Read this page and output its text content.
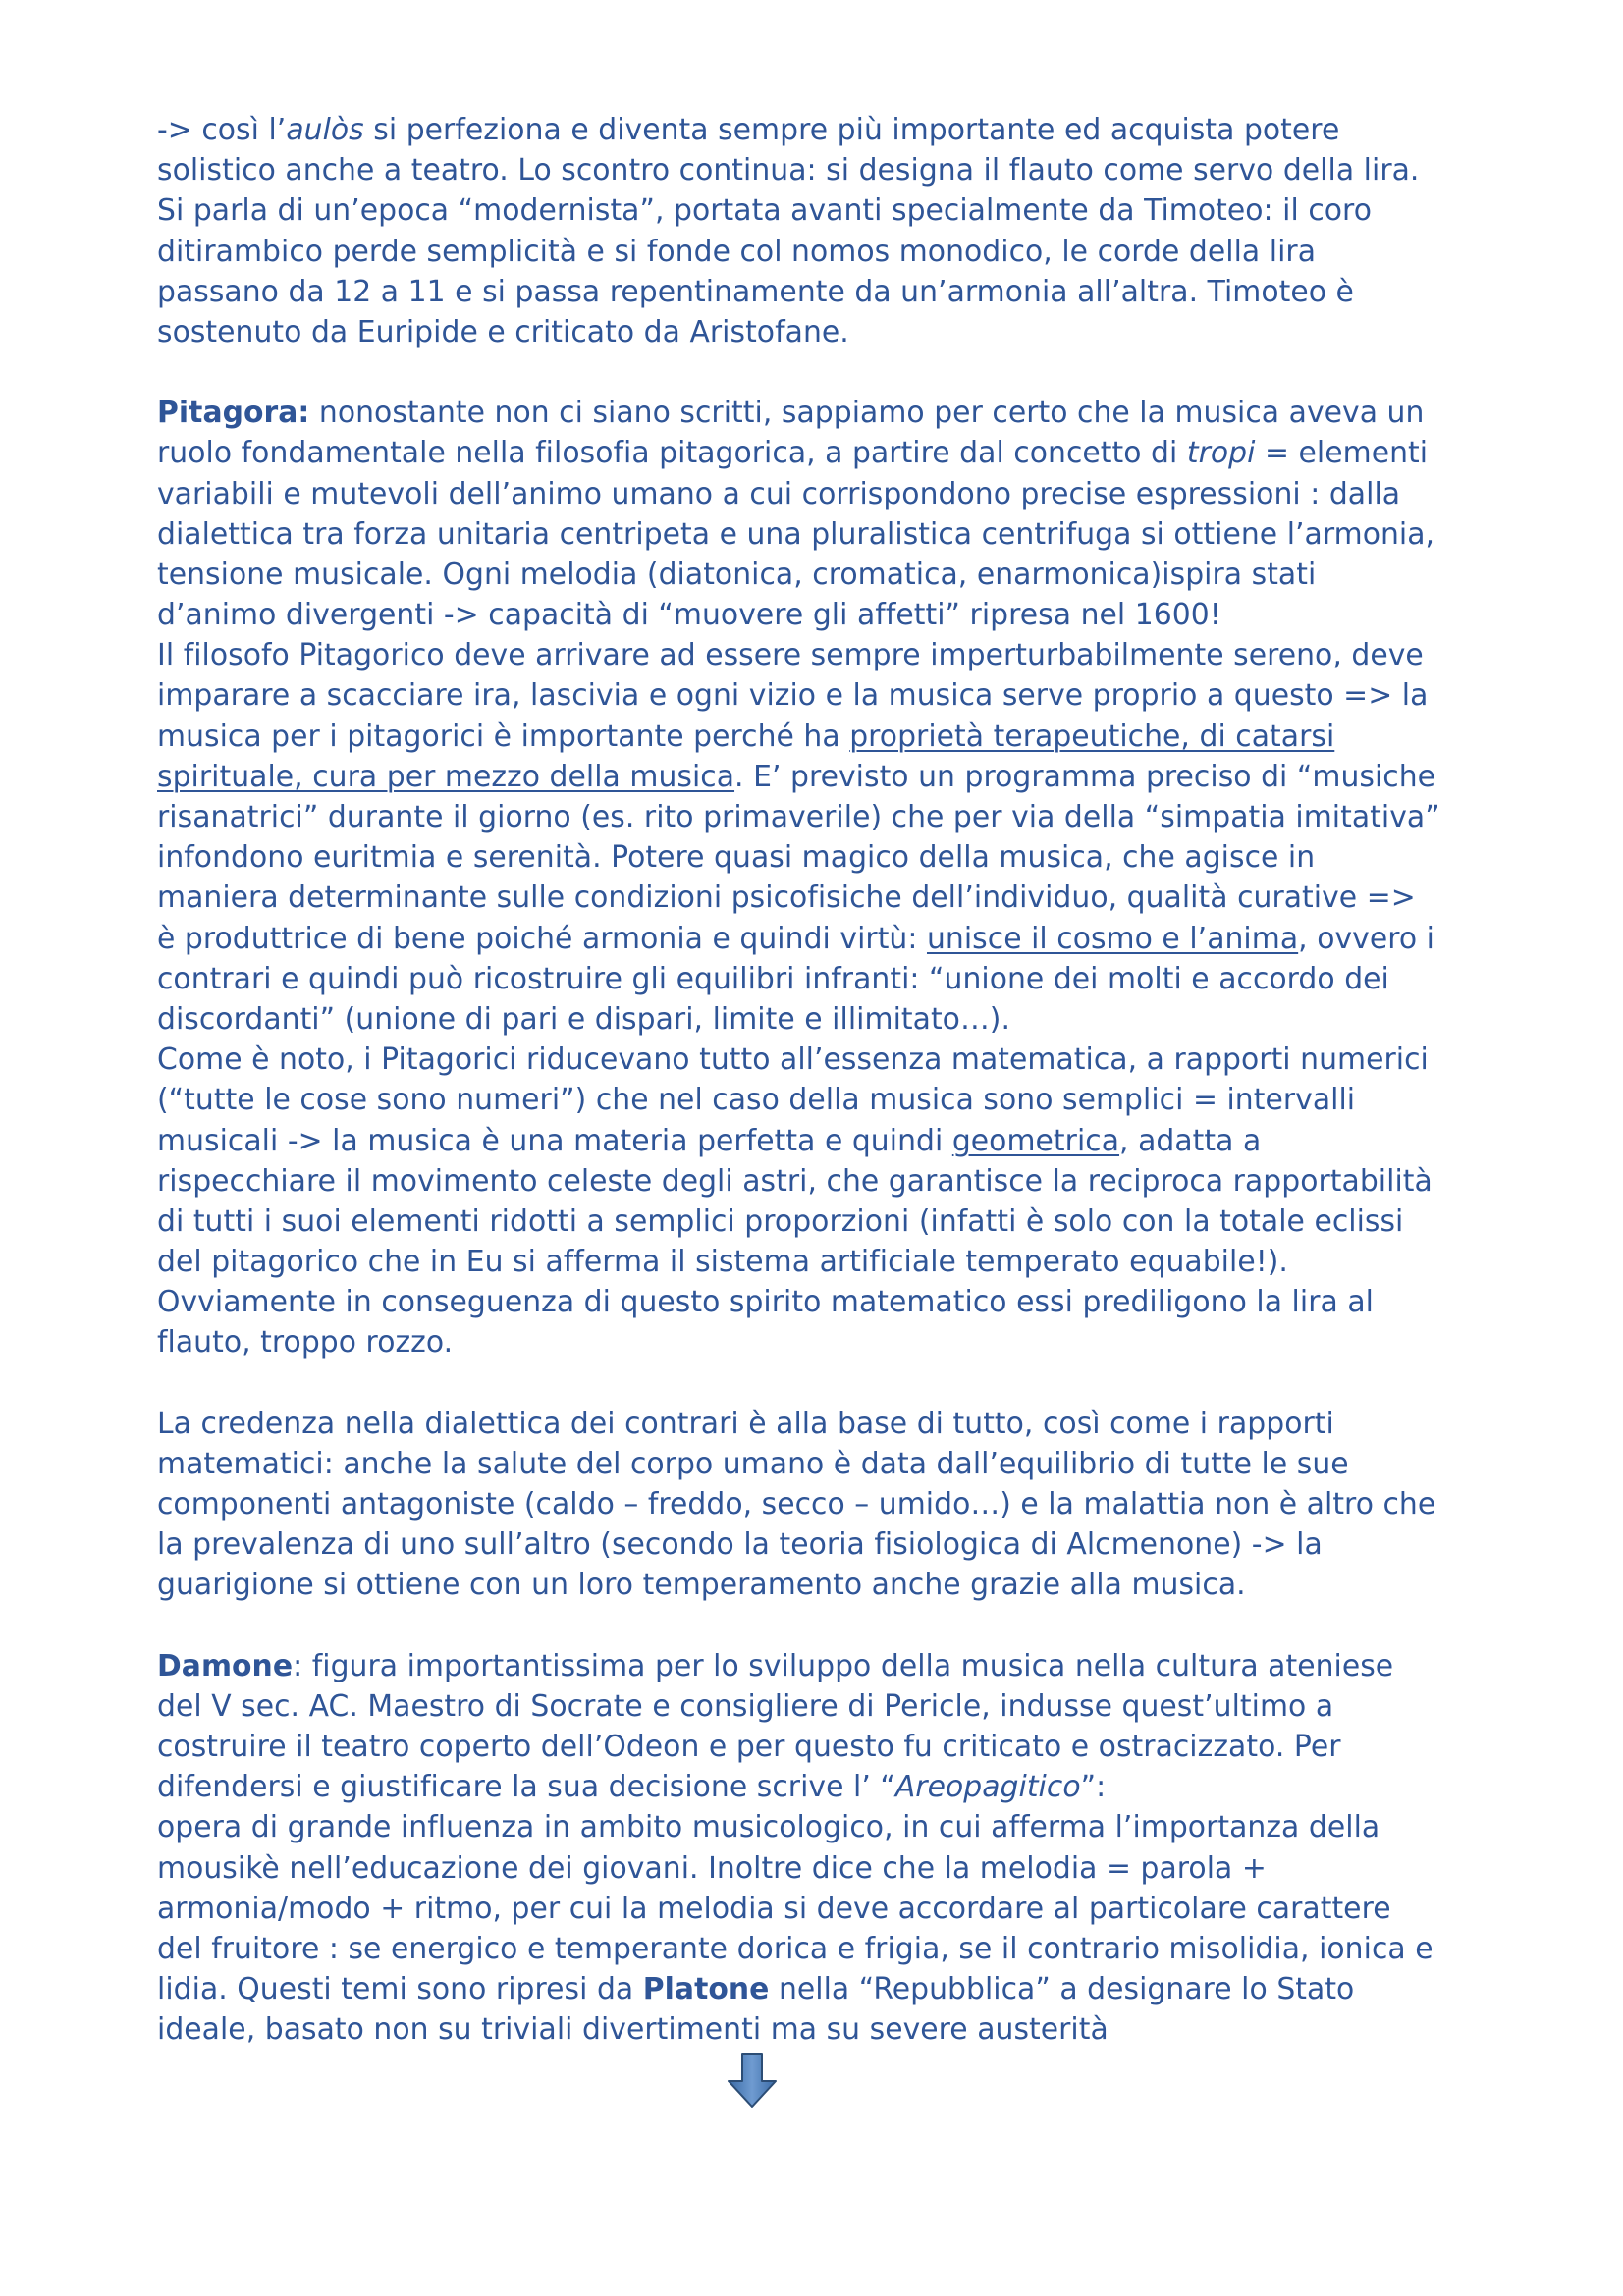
-> così l’aulòs si perfeziona e diventa sempre più importante ed acquista potere
solistico anche a teatro. Lo scontro continua: si designa il flauto come servo della lira.
Si parla di un’epoca “modernista”, portata avanti specialmente da Timoteo: il coro
ditirambico perde semplicità e si fonde col nomos monodico, le corde della lira
passano da 12 a 11 e si passa repentinamente da un’armonia all’altra. Timoteo è
sostenuto da Euripide e criticato da Aristofane.
Pitagora: nonostante non ci siano scritti, sappiamo per certo che la musica aveva un
ruolo fondamentale nella filosofia pitagorica, a partire dal concetto di tropi = elementi
variabili e mutevoli dell’animo umano a cui corrispondono precise espressioni : dalla
dialettica tra forza unitaria centripeta e una pluralistica centrifuga si ottiene l’armonia,
tensione musicale. Ogni melodia (diatonica, cromatica, enarmonica)ispira stati
d’animo divergenti -> capacità di “muovere gli affetti” ripresa nel 1600!
Il filosofo Pitagorico deve arrivare ad essere sempre imperturbabilmente sereno, deve
imparare a scacciare ira, lascivia e ogni vizio e la musica serve proprio a questo => la
musica per i pitagorici è importante perché ha proprietà terapeutiche, di catarsi
spirituale, cura per mezzo della musica. E’ previsto un programma preciso di “musiche
risanatrici” durante il giorno (es. rito primaverile) che per via della “simpatia imitativa”
infondono euritmia e serenità. Potere quasi magico della musica, che agisce in
maniera determinante sulle condizioni psicofisiche dell’individuo, qualità curative =>
è produttrice di bene poiché armonia e quindi virtù: unisce il cosmo e l’anima, ovvero i
contrari e quindi può ricostruire gli equilibri infranti: “unione dei molti e accordo dei
discordanti” (unione di pari e dispari, limite e illimitato…).
Come è noto, i Pitagorici riducevano tutto all’essenza matematica, a rapporti numerici
(“tutte le cose sono numeri”) che nel caso della musica sono semplici = intervalli
musicali -> la musica è una materia perfetta e quindi geometrica, adatta a
rispecchiare il movimento celeste degli astri, che garantisce la reciproca rapportabilità
di tutti i suoi elementi ridotti a semplici proporzioni (infatti è solo con la totale eclissi
del pitagorico che in Eu si afferma il sistema artificiale temperato equabile!).
Ovviamente in conseguenza di questo spirito matematico essi prediligono la lira al
flauto, troppo rozzo.
La credenza nella dialettica dei contrari è alla base di tutto, così come i rapporti
matematici: anche la salute del corpo umano è data dall’equilibrio di tutte le sue
componenti antagoniste (caldo – freddo, secco – umido…) e la malattia non è altro che
la prevalenza di uno sull’altro (secondo la teoria fisiologica di Alcmenone) -> la
guarigione si ottiene con un loro temperamento anche grazie alla musica.
Damone: figura importantissima per lo sviluppo della musica nella cultura ateniese
del V sec. AC. Maestro di Socrate e consigliere di Pericle, indusse quest’ultimo a
costruire il teatro coperto dell’Odeon e per questo fu criticato e ostracizzato. Per
difendersi e giustificare la sua decisione scrive l’ “Areopagitico”:
opera di grande influenza in ambito musicologico, in cui afferma l’importanza della
mousikè nell’educazione dei giovani. Inoltre dice che la melodia = parola +
armonia/modo + ritmo, per cui la melodia si deve accordare al particolare carattere
del fruitore : se energico e temperante dorica e frigia, se il contrario misolidia, ionica e
lidia. Questi temi sono ripresi da Platone nella “Repubblica” a designare lo Stato
ideale, basato non su triviali divertimenti ma su severe austerità
